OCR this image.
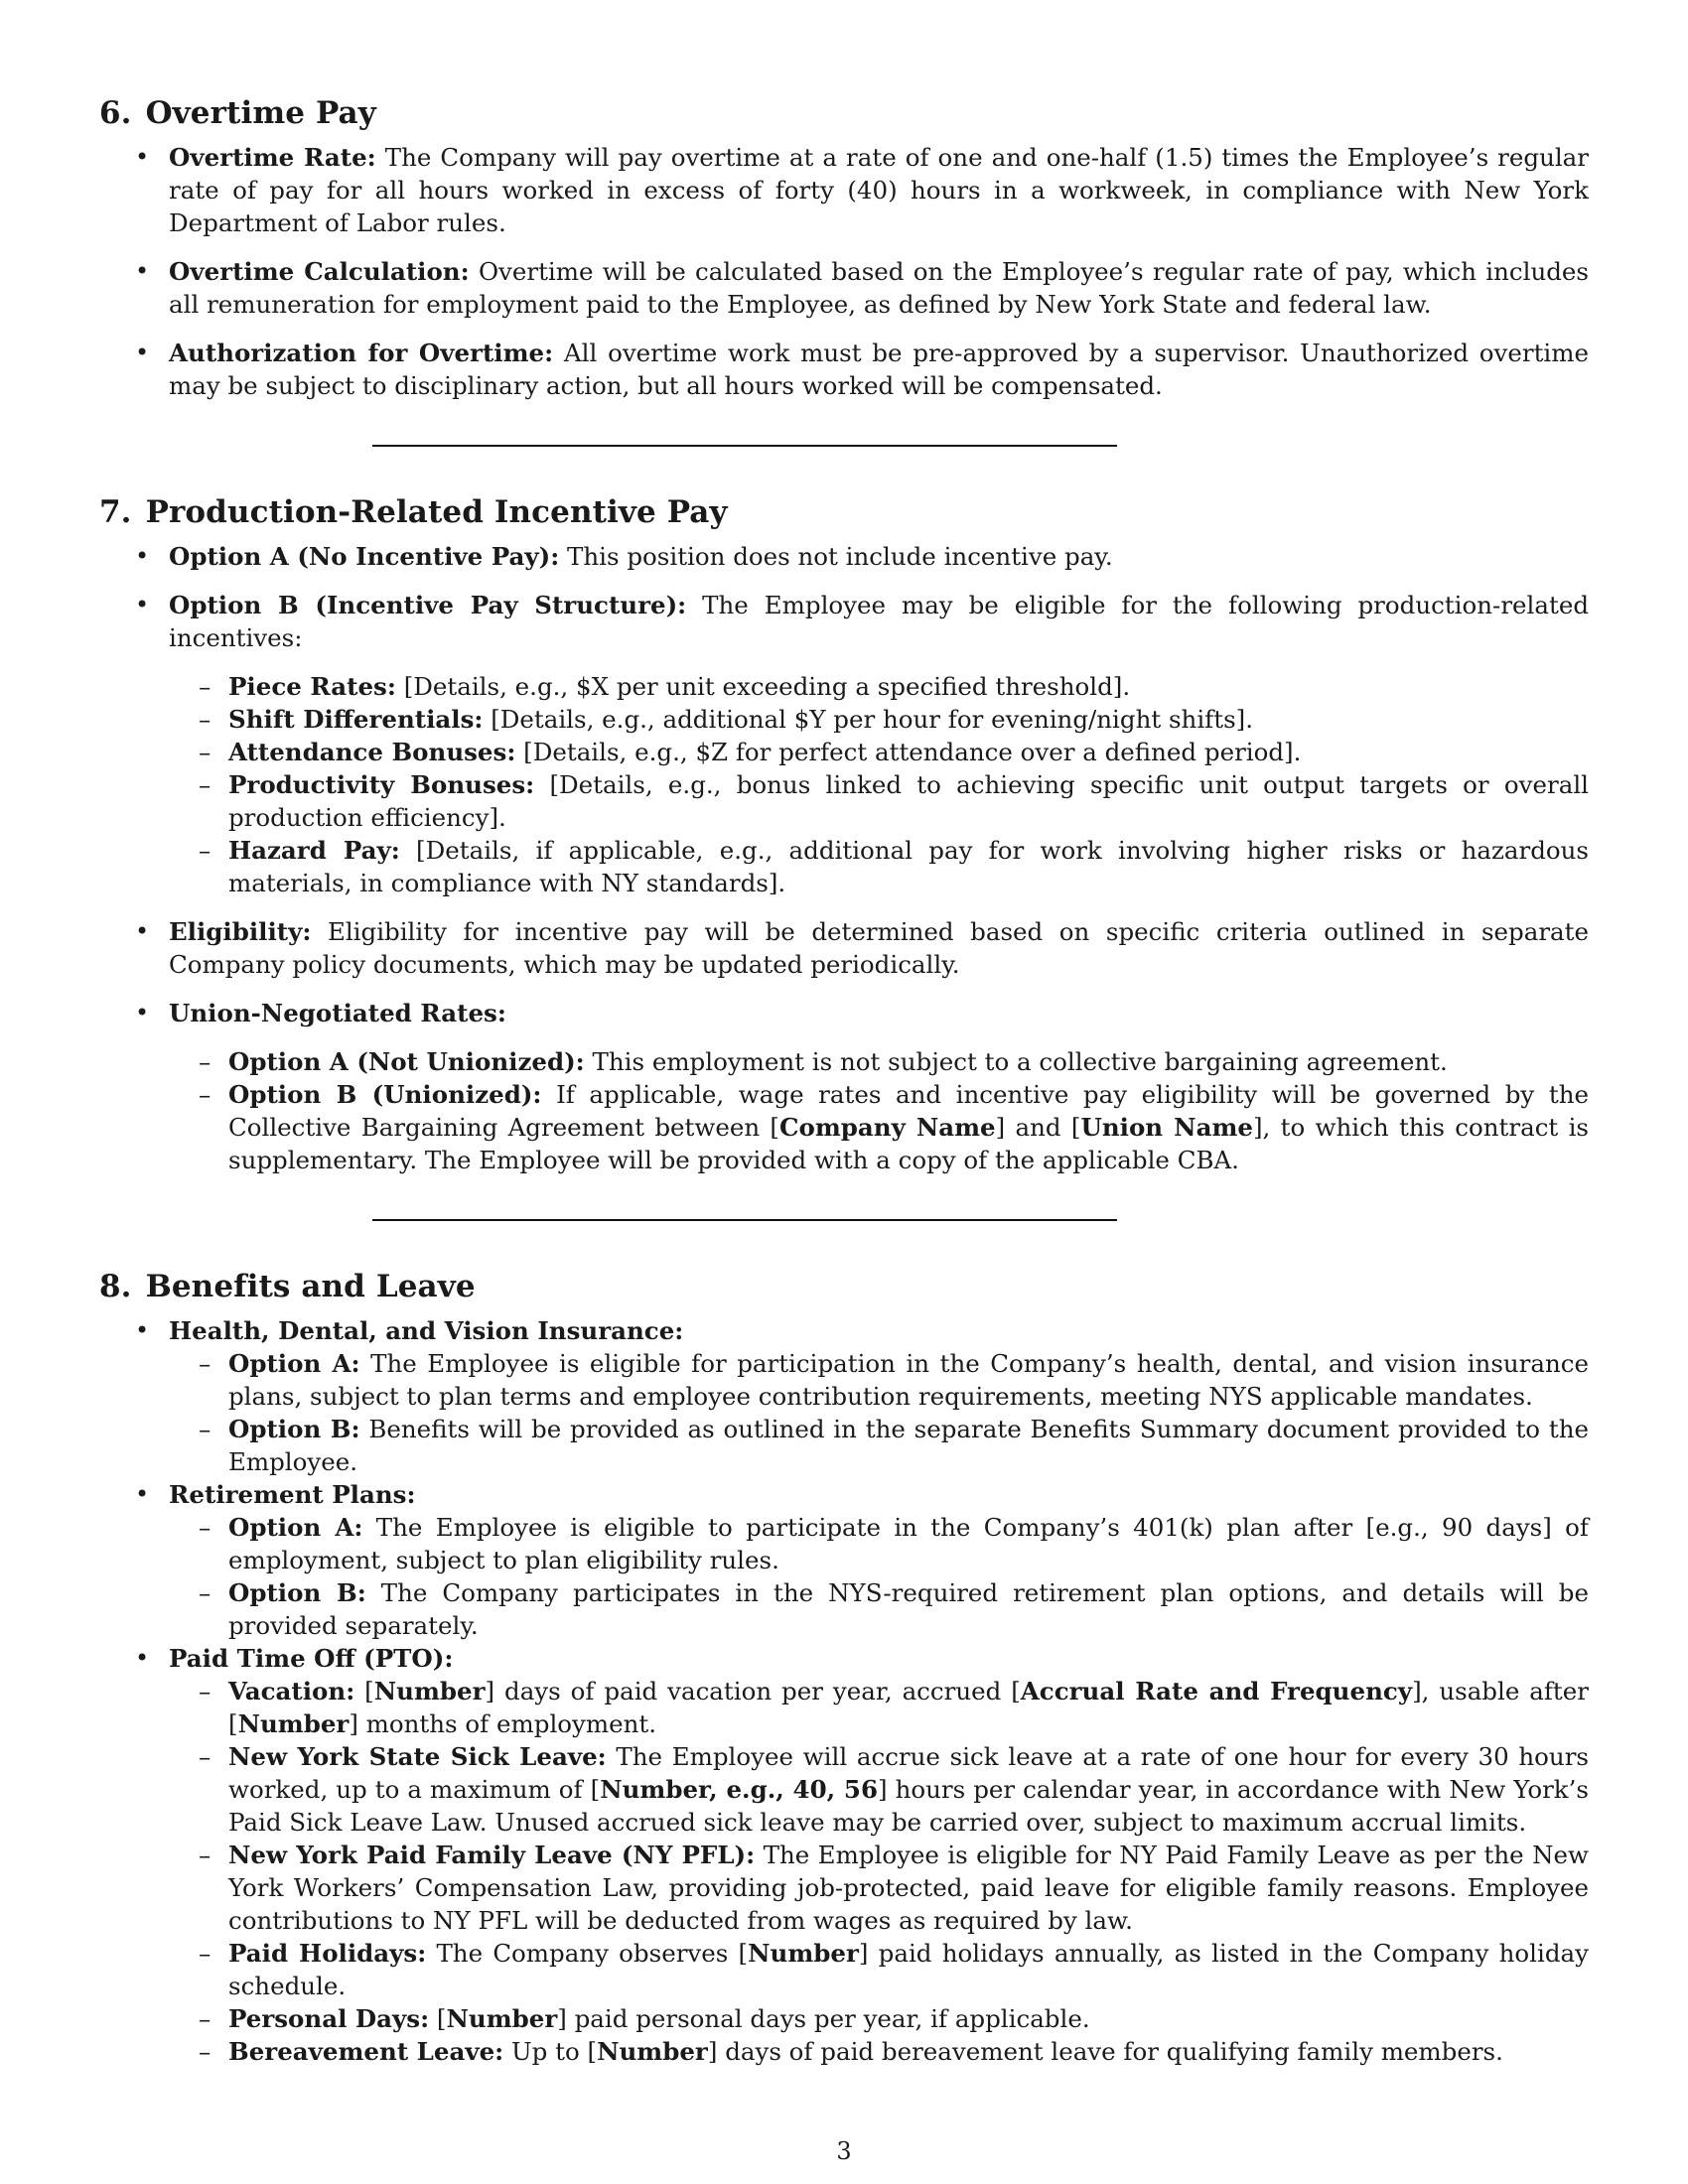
6. Overtime Pay
• Overtime Rate: The Company will pay overtime at a rate of one and one-half (1.5) times the Employee’s regular rate of pay for all hours worked in excess of forty (40) hours in a workweek, in compliance with New York Department of Labor rules.
• Overtime Calculation: Overtime will be calculated based on the Employee’s regular rate of pay, which includes all remuneration for employment paid to the Employee, as defined by New York State and federal law.
• Authorization for Overtime: All overtime work must be pre-approved by a supervisor. Unauthorized overtime may be subject to disciplinary action, but all hours worked will be compensated.
7. Production-Related Incentive Pay
• Option A (No Incentive Pay): This position does not include incentive pay.
• Option B (Incentive Pay Structure): The Employee may be eligible for the following production-related incentives:
– Piece Rates: [Details, e.g., $X per unit exceeding a specified threshold].
– Shift Differentials: [Details, e.g., additional $Y per hour for evening/night shifts].
– Attendance Bonuses: [Details, e.g., $Z for perfect attendance over a defined period].
– Productivity Bonuses: [Details, e.g., bonus linked to achieving specific unit output targets or overall production efficiency].
– Hazard Pay: [Details, if applicable, e.g., additional pay for work involving higher risks or hazardous materials, in compliance with NY standards].
• Eligibility: Eligibility for incentive pay will be determined based on specific criteria outlined in separate Company policy documents, which may be updated periodically.
• Union-Negotiated Rates:
– Option A (Not Unionized): This employment is not subject to a collective bargaining agreement.
– Option B (Unionized): If applicable, wage rates and incentive pay eligibility will be governed by the Collective Bargaining Agreement between [Company Name] and [Union Name], to which this contract is supplementary. The Employee will be provided with a copy of the applicable CBA.
8. Benefits and Leave
• Health, Dental, and Vision Insurance:
– Option A: The Employee is eligible for participation in the Company’s health, dental, and vision insurance plans, subject to plan terms and employee contribution requirements, meeting NYS applicable mandates.
– Option B: Benefits will be provided as outlined in the separate Benefits Summary document provided to the Employee.
• Retirement Plans:
– Option A: The Employee is eligible to participate in the Company’s 401(k) plan after [e.g., 90 days] of employment, subject to plan eligibility rules.
– Option B: The Company participates in the NYS-required retirement plan options, and details will be provided separately.
• Paid Time Off (PTO):
– Vacation: [Number] days of paid vacation per year, accrued [Accrual Rate and Frequency], usable after [Number] months of employment.
– New York State Sick Leave: The Employee will accrue sick leave at a rate of one hour for every 30 hours worked, up to a maximum of [Number, e.g., 40, 56] hours per calendar year, in accordance with New York’s Paid Sick Leave Law. Unused accrued sick leave may be carried over, subject to maximum accrual limits.
– New York Paid Family Leave (NY PFL): The Employee is eligible for NY Paid Family Leave as per the New York Workers’ Compensation Law, providing job-protected, paid leave for eligible family reasons. Employee contributions to NY PFL will be deducted from wages as required by law.
– Paid Holidays: The Company observes [Number] paid holidays annually, as listed in the Company holiday schedule.
– Personal Days: [Number] paid personal days per year, if applicable.
– Bereavement Leave: Up to [Number] days of paid bereavement leave for qualifying family members.
3
